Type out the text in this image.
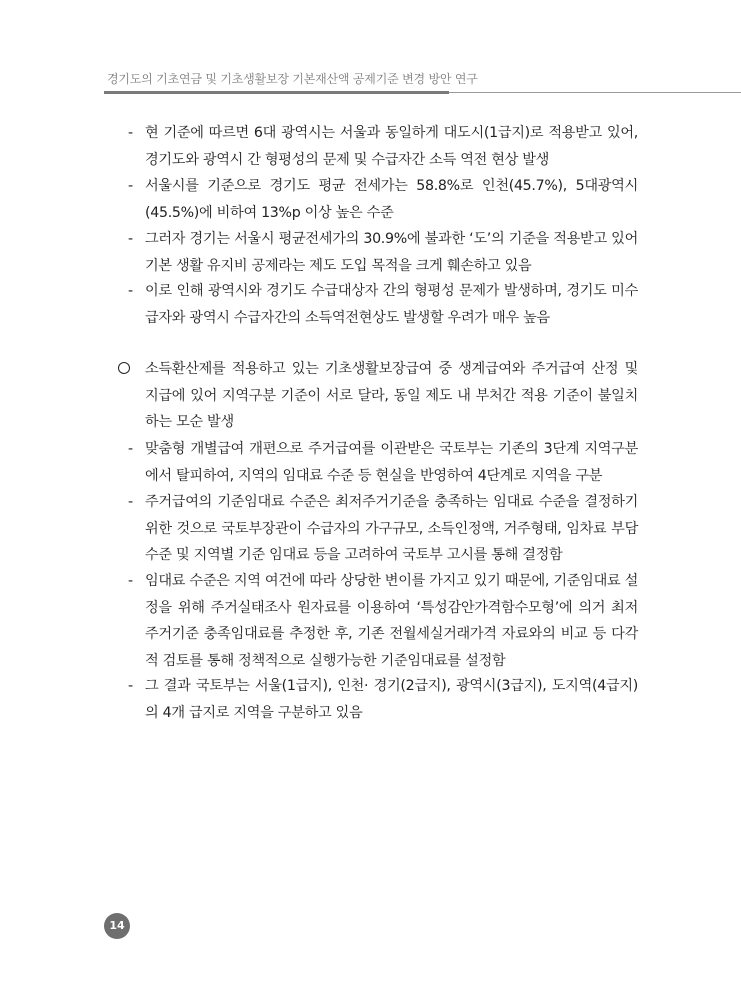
경기도의 기초연금 및 기초생활보장 기본재산액 공제기준 변경 방안 연구
- 현 기준에 따르면 6대 광역시는 서울과 동일하게 대도시(1급지)로 적용받고 있어, 경기도와 광역시 간 형평성의 문제 및 수급자간 소득 역전 현상 발생
- 서울시를 기준으로 경기도 평균 전세가는 58.8%로 인천(45.7%), 5대광역시(45.5%)에 비하여 13%p 이상 높은 수준
- 그러자 경기는 서울시 평균전세가의 30.9%에 불과한 ‘도’의 기준을 적용받고 있어 기본 생활 유지비 공제라는 제도 도입 목적을 크게 훼손하고 있음
- 이로 인해 광역시와 경기도 수급대상자 간의 형평성 문제가 발생하며, 경기도 미수급자와 광역시 수급자간의 소득역전현상도 발생할 우려가 매우 높음
소득환산제를 적용하고 있는 기초생활보장급여 중 생계급여와 주거급여 산정 및 지급에 있어 지역구분 기준이 서로 달라, 동일 제도 내 부처간 적용 기준이 불일치하는 모순 발생
- 맞춤형 개별급여 개편으로 주거급여를 이관받은 국토부는 기존의 3단계 지역구분에서 탈피하여, 지역의 임대료 수준 등 현실을 반영하여 4단계로 지역을 구분
- 주거급여의 기준임대료 수준은 최저주거기준을 충족하는 임대료 수준을 결정하기 위한 것으로 국토부장관이 수급자의 가구규모, 소득인정액, 거주형태, 임차료 부담수준 및 지역별 기준 임대료 등을 고려하여 국토부 고시를 통해 결정함
- 임대료 수준은 지역 여건에 따라 상당한 변이를 가지고 있기 때문에, 기준임대료 설정을 위해 주거실태조사 원자료를 이용하여 ‘특성감안가격함수모형’에 의거 최저주거기준 충족임대료를 추정한 후, 기존 전월세실거래가격 자료와의 비교 등 다각적 검토를 통해 정책적으로 실행가능한 기준임대료를 설정함
- 그 결과 국토부는 서울(1급지), 인천· 경기(2급지), 광역시(3급지), 도지역(4급지)의 4개 급지로 지역을 구분하고 있음
14
